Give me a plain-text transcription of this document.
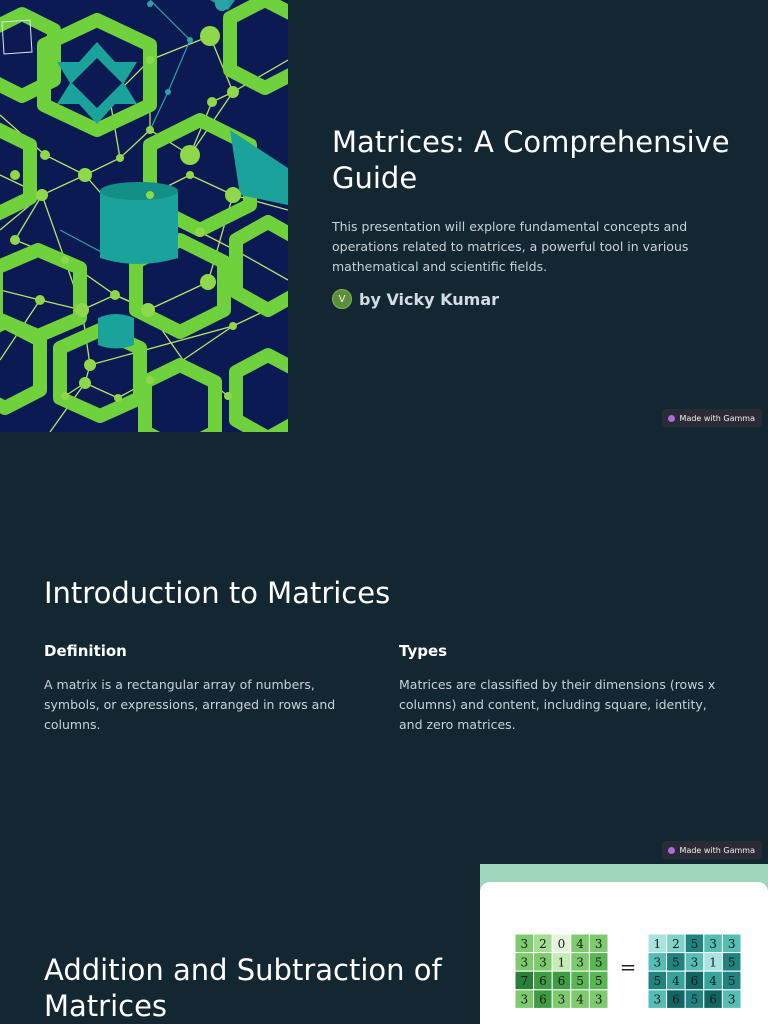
Matrices: A Comprehensive Guide

This presentation will explore fundamental concepts and operations related to matrices, a powerful tool in various mathematical and scientific fields.

V by Vicky Kumar
Made with Gamma
Introduction to Matrices
Definition

A matrix is a rectangular array of numbers, symbols, or expressions, arranged in rows and columns.

Types

Matrices are classified by their dimensions (rows x columns) and content, including square, identity, and zero matrices.

Made with Gamma
Addition and Subtraction of Matrices
3 2 0 4 3
3 3 1 3 5
7 6 6 5 5
3 6 3 4 3
1 2 5 3 3
3 5 3 1 5
5 4 6 4 5
3 6 5 6 3
=
